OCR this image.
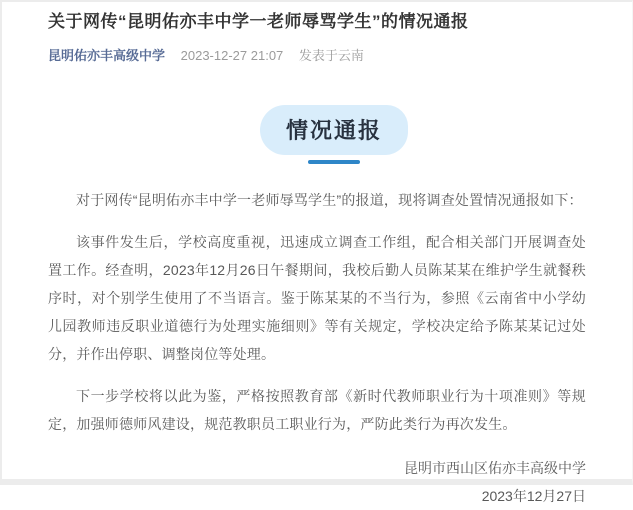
关于网传“昆明佑亦丰中学一老师辱骂学生”的情况通报
昆明佑亦丰高级中学 2023-12-27 21:07 发表于云南
情况通报

对于网传“昆明佑亦丰中学一老师辱骂学生”的报道，现将调查处置情况通报如下：

该事件发生后，学校高度重视，迅速成立调查工作组，配合相关部门开展调查处置工作。经查明，2023年12月26日午餐期间，我校后勤人员陈某某在维护学生就餐秩序时，对个别学生使用了不当语言。鉴于陈某某的不当行为，参照《云南省中小学幼儿园教师违反职业道德行为处理实施细则》等有关规定，学校决定给予陈某某记过处分，并作出停职、调整岗位等处理。

下一步学校将以此为鉴，严格按照教育部《新时代教师职业行为十项准则》等规定，加强师德师风建设，规范教职员工职业行为，严防此类行为再次发生。

昆明市西山区佑亦丰高级中学
2023年12月27日
